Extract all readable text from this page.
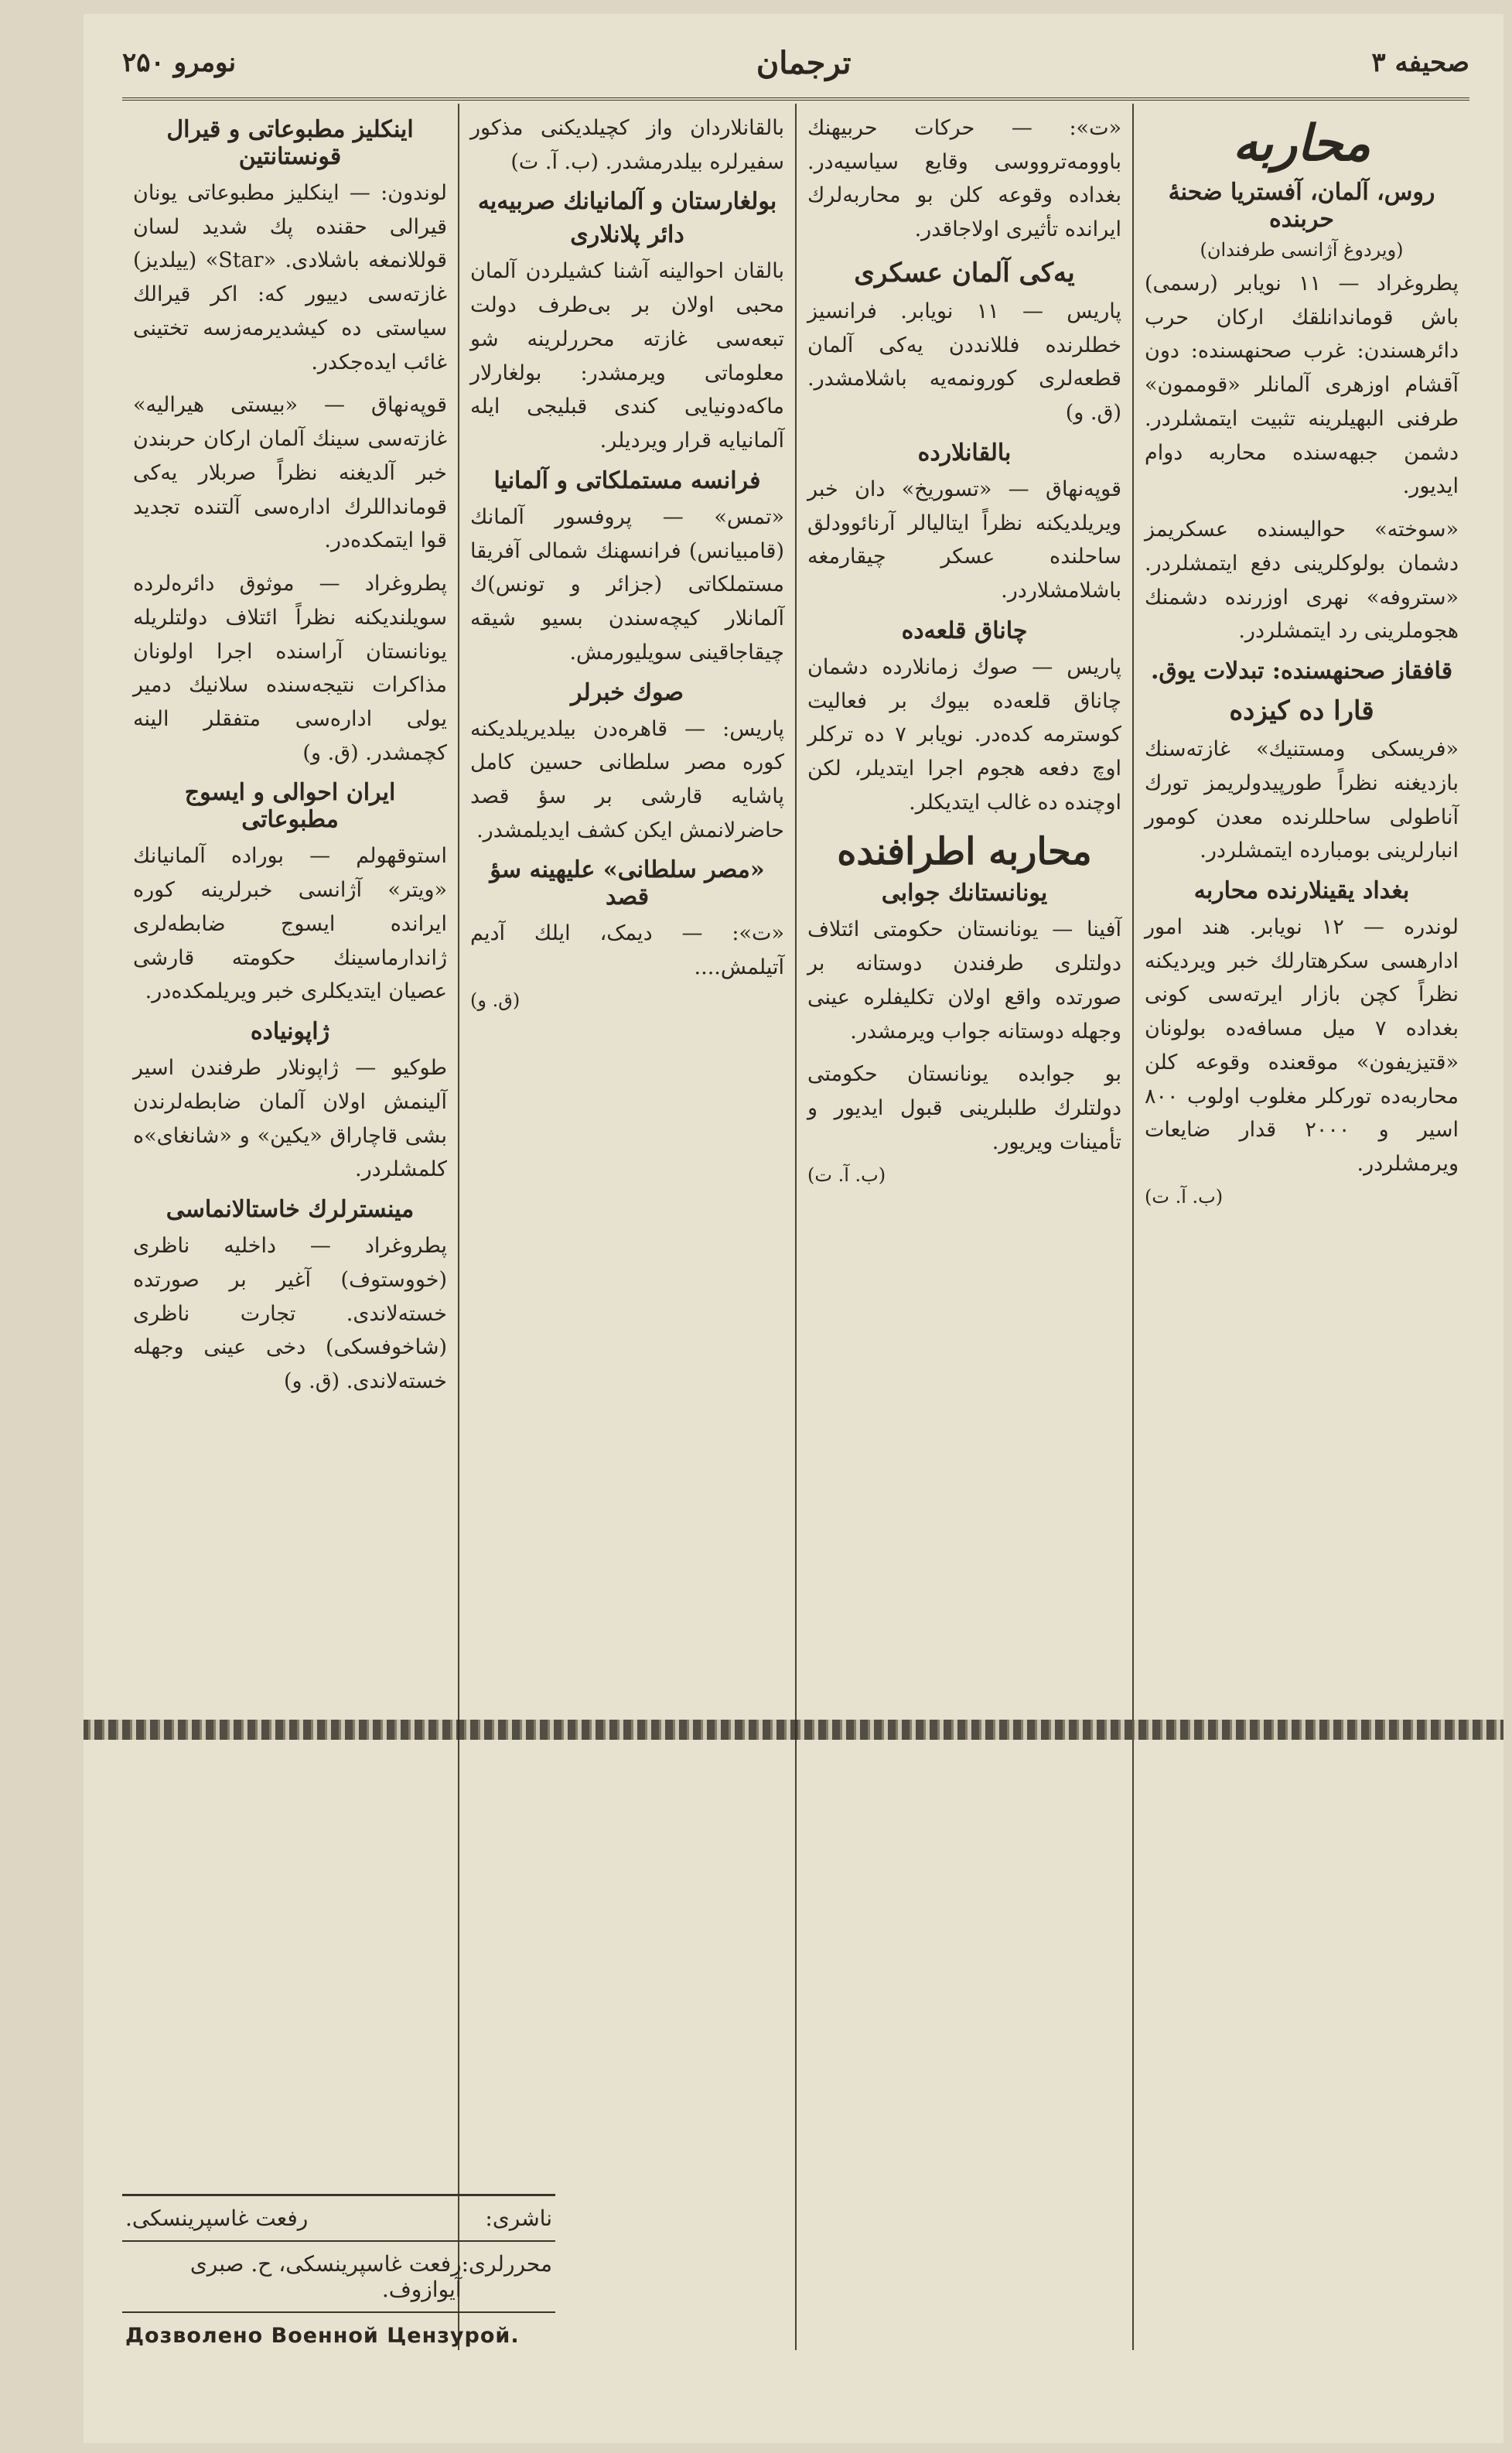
صحیفه ۳
ترجمان
نومرو ۲۵۰
محاربه
روس، آلمان، آفستریا ضحنهٔ حربنده
(ویردوغ آژانسی طرفندان)

پطروغراد — ۱۱ نویابر (رسمی) باش قوماندانلقك ارکان حرب دائرهسندن: غرب صحنهسنده: دون آقشام اوزهری آلمانلر «قوممون» طرفنی البهیلرینه تثبیت ایتمشلردر. دشمن جبهه‌سنده محاربه دوام ایدیور.

«سوخته» حوالیسنده عسکریمز دشمان بولوکلرینی دفع ایتمشلردر. «ستروفه» نهری اوزرنده دشمنك هجوملرینی رد ایتمشلردر.

قافقاز صحنهسنده: تبدلات یوق.
قارا ده کیزده

«فریسکی ومستنیك» غازته‌سنك بازدیغنه نظراً طورپیدولریمز تورك آناطولی ساحللرنده معدن کومور انبارلرینی بومبارده ایتمشلردر.

بغداد یقینلارنده محاربه

لوندره — ۱۲ نویابر. هند امور ادارهسی سکرهتارلك خبر ویردیکنه نظراً کچن بازار ایرته‌سی کونی بغداده ۷ میل مسافه‌ده بولونان «قتیزیفون» موقعنده وقوعه کلن محاربه‌ده تورکلر مغلوب اولوب ۸۰۰ اسیر و ۲۰۰۰ قدار ضایعات ویرمشلردر.

(ب. آ. ت)

«ت»: — حرکات حربیهنك باوومه‌ترووسی وقایع سیاسیه‌در. بغداده وقوعه کلن بو محاربه‌لرك ایرانده تأثیری اولاجاقدر.

یه‌کی آلمان عسکری

پاریس — ۱۱ نویابر. فرانسیز خطلرنده فللانددن یه‌کی آلمان قطعه‌لری کورونمه‌یه باشلامشدر. (ق. و)

بالقانلارده

قوپه‌نهاق — «تسوریخ» دان خبر ویریلدیکنه نظراً ایتالیالر آرنائوودلق ساحلنده عسکر چیقارمغه باشلامشلاردر.

چاناق قلعه‌ده

پاریس — صوك زمانلارده دشمان چاناق قلعه‌ده بیوك بر فعالیت کوسترمه کده‌در. نویابر ۷ ده ترکلر اوچ دفعه هجوم اجرا ایتدیلر، لکن اوچنده ده غالب ایتدیکلر.

محاربه اطرافنده
یونانستانك جوابی

آفینا — یونانستان حکومتی ائتلاف دولتلری طرفندن دوستانه بر صورتده واقع اولان تکلیفلره عینی وجهله دوستانه جواب ویرمشدر.

بو جوابده یونانستان حکومتی دولتلرك طلبلرینی قبول ایدیور و تأمینات ویریور.

(ب. آ. ت)

بالقانلاردان واز کچیلدیکنی مذکور سفیرلره بیلدرمشدر. (ب. آ. ت)

بولغارستان و آلمانیانك صربیه‌یه
دائر پلانلاری

بالقان احوالینه آشنا کشیلردن آلمان محبی اولان بر بی‌طرف دولت تبعه‌سی غازته محررلرینه شو معلوماتی ویرمشدر: بولغارلار ماکه‌دونیایی کندی قبلیجی ایله آلمانیایه قرار ویردیلر.

فرانسه مستملکاتی و آلمانیا

«تمس» — پروفسور آلمانك (قامبیانس) فرانسهنك شمالی آفریقا مستملکاتی (جزائر و تونس)‌ك آلمانلار کیچه‌سندن بسیو شیقه چیقاجاقینی سویلیورمش.

صوك خبرلر

پاریس: — قاهره‌دن بیلدیریلدیکنه کوره مصر سلطانی حسین کامل پاشایه قارشی بر سؤ قصد حاضرلانمش ایکن کشف ایدیلمشدر.

«مصر سلطانی» علیهینه سؤ قصد

«ت»: — دیمک، ایلك آدیم آتیلمش....

(ق. و)
اینکلیز مطبوعاتی و قیرال قونستانتین

لوندون: — اینکلیز مطبوعاتی یونان قیرالی حقنده پك شدید لسان قوللانمغه باشلادی. «Star» (ییلدیز) غازته‌سی دییور که: اکر قیرالك سیاستی ده کیشدیرمه‌زسه تختینی غائب ایده‌جکدر.

قوپه‌نهاق — «بیستی هیرالیه» غازته‌سی سینك آلمان ارکان حربندن خبر آلدیغنه نظراً صربلار یه‌کی قومانداللرك اداره‌سی آلتنده تجدید قوا ایتمکده‌در.

پطروغراد — موثوق دائره‌لرده سویلندیکنه نظراً ائتلاف دولتلریله یونانستان آراسنده اجرا اولونان مذاکرات نتیجه‌سنده سلانیك دمیر یولی اداره‌سی متفقلر الینه کچمشدر. (ق. و)

ایران احوالی و ایسوج مطبوعاتی

استوقهولم — بوراده آلمانیانك «ویتر» آژانسی خبرلرینه کوره ایرانده ایسوج ضابطه‌لری ژاندارماسینك حکومته قارشی عصیان ایتدیکلری خبر ویریلمکده‌در.

ژاپونیاده

طوکیو — ژاپونلار طرفندن اسیر آلینمش اولان آلمان ضابطه‌لرندن بشی قاچاراق «یکین» و «شانغای»‌ه کلمشلردر.

مینسترلرك خاستالانماسی

پطروغراد — داخلیه ناظری (خووستوف) آغیر بر صورتده خسته‌لاندی. تجارت ناظری (شاخوفسکی) دخی عینی وجهله خسته‌لاندی. (ق. و)

ناشری:
رفعت غاسپرینسکی.
محررلری:
رفعت غاسپرینسکی، ح. صبری آیوازوف.
Дозволено Военной Цензурой.
